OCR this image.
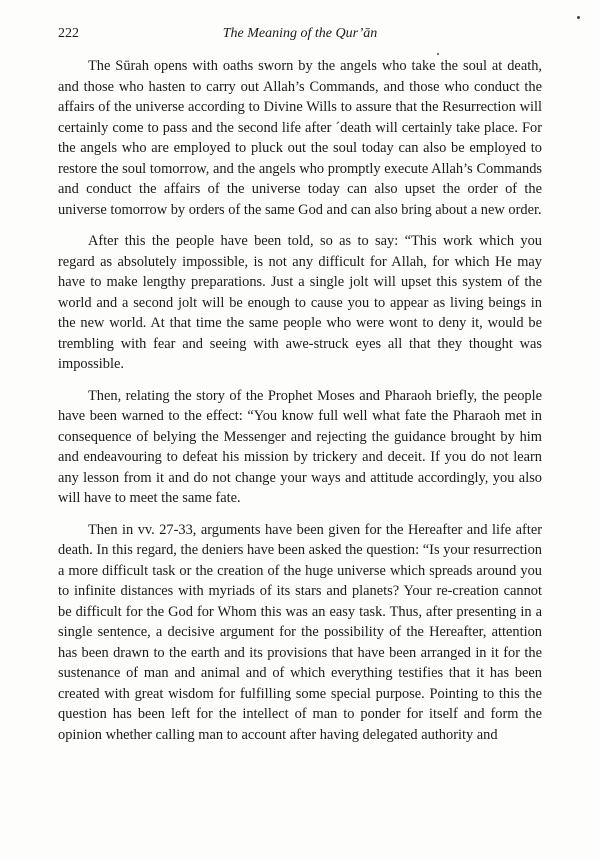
222	The Meaning of the Qur’ān

The Sūrah opens with oaths sworn by the angels who take the soul at death, and those who hasten to carry out Allah’s Commands, and those who conduct the affairs of the universe according to Divine Wills to assure that the Resurrection will certainly come to pass and the second life after ´death will certainly take place. For the angels who are employed to pluck out the soul today can also be employed to restore the soul tomorrow, and the angels who promptly execute Allah’s Commands and conduct the affairs of the universe today can also upset the order of the universe tomorrow by orders of the same God and can also bring about a new order.

After this the people have been told, so as to say: “This work which you regard as absolutely impossible, is not any difficult for Allah, for which He may have to make lengthy preparations. Just a single jolt will upset this system of the world and a second jolt will be enough to cause you to appear as living beings in the new world. At that time the same people who were wont to deny it, would be trembling with fear and seeing with awe-struck eyes all that they thought was impossible.

Then, relating the story of the Prophet Moses and Pharaoh briefly, the people have been warned to the effect: “You know full well what fate the Pharaoh met in consequence of belying the Messenger and rejecting the guidance brought by him and endeavouring to defeat his mission by trickery and deceit. If you do not learn any lesson from it and do not change your ways and attitude accordingly, you also will have to meet the same fate.

Then in vv. 27-33, arguments have been given for the Hereafter and life after death. In this regard, the deniers have been asked the question: “Is your resurrection a more difficult task or the creation of the huge universe which spreads around you to infinite distances with myriads of its stars and planets? Your re-creation cannot be difficult for the God for Whom this was an easy task. Thus, after presenting in a single sentence, a decisive argument for the possibility of the Hereafter, attention has been drawn to the earth and its provisions that have been arranged in it for the sustenance of man and animal and of which everything testifies that it has been created with great wisdom for fulfilling some special purpose. Pointing to this the question has been left for the intellect of man to ponder for itself and form the opinion whether calling man to account after having delegated authority and
